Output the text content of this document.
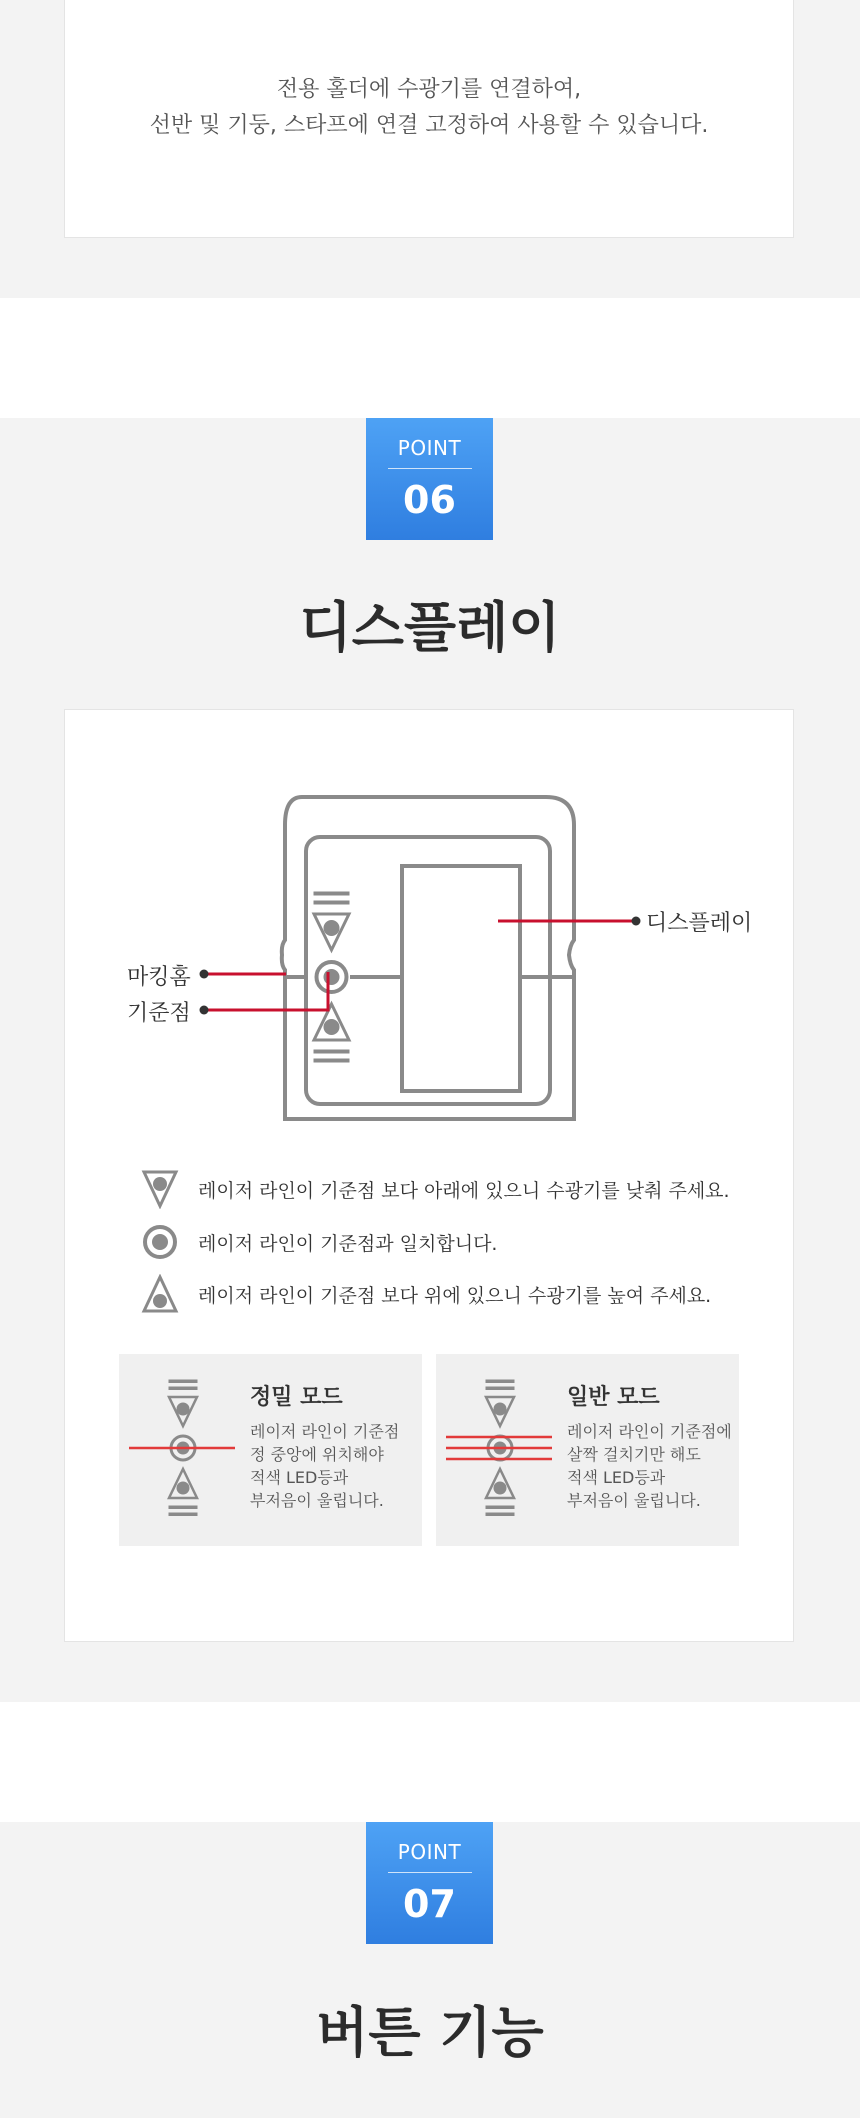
전용 홀더에 수광기를 연결하여,
선반 및 기둥, 스타프에 연결 고정하여 사용할 수 있습니다.
POINT
06
디스플레이
디스플레이
마킹홈
기준점
레이저 라인이 기준점 보다 아래에 있으니 수광기를 낮춰 주세요.
레이저 라인이 기준점과 일치합니다.
레이저 라인이 기준점 보다 위에 있으니 수광기를 높여 주세요.
정밀 모드
레이저 라인이 기준점
정 중앙에 위치해야
적색 LED등과
부저음이 울립니다.
일반 모드
레이저 라인이 기준점에
살짝 걸치기만 해도
적색 LED등과
부저음이 울립니다.
POINT
07
버튼 기능
